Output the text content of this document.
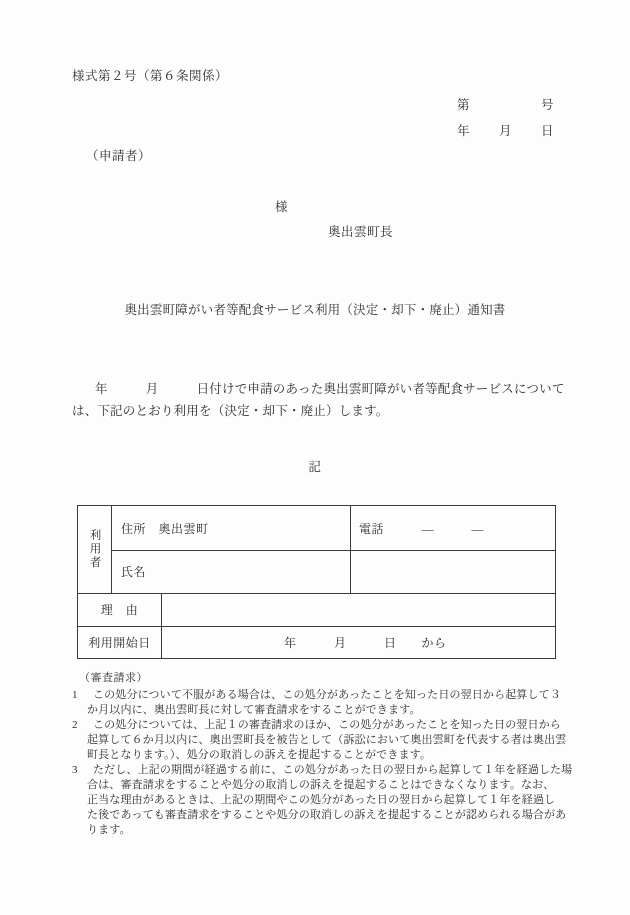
様式第２号（第６条関係）
第　　　　　号
年　　月　　日
（申請者）
様
奥出雲町長
奥出雲町障がい者等配食サービス利用（決定・却下・廃止）通知書
年　　　月　　　日付けで申請のあった奥出雲町障がい者等配食サービスについて
は、下記のとおり利用を（決定・却下・廃止）します。
記
利用者
住所　奥出雲町	電話　　　―　　　―
氏名
理　由
利用開始日	年　　　月　　　日　　から
（審査請求）
1 この処分について不服がある場合は、この処分があったことを知った日の翌日から起算して３
か月以内に、奥出雲町長に対して審査請求をすることができます。
2 この処分については、上記１の審査請求のほか、この処分があったことを知った日の翌日から
起算して６か月以内に、奥出雲町長を被告として（訴訟において奥出雲町を代表する者は奥出雲
町長となります。）、処分の取消しの訴えを提起することができます。
3 ただし、上記の期間が経過する前に、この処分があった日の翌日から起算して１年を経過した場
合は、審査請求をすることや処分の取消しの訴えを提起することはできなくなります。なお、
正当な理由があるときは、上記の期間やこの処分があった日の翌日から起算して１年を経過し
た後であっても審査請求をすることや処分の取消しの訴えを提起することが認められる場合があ
ります。
